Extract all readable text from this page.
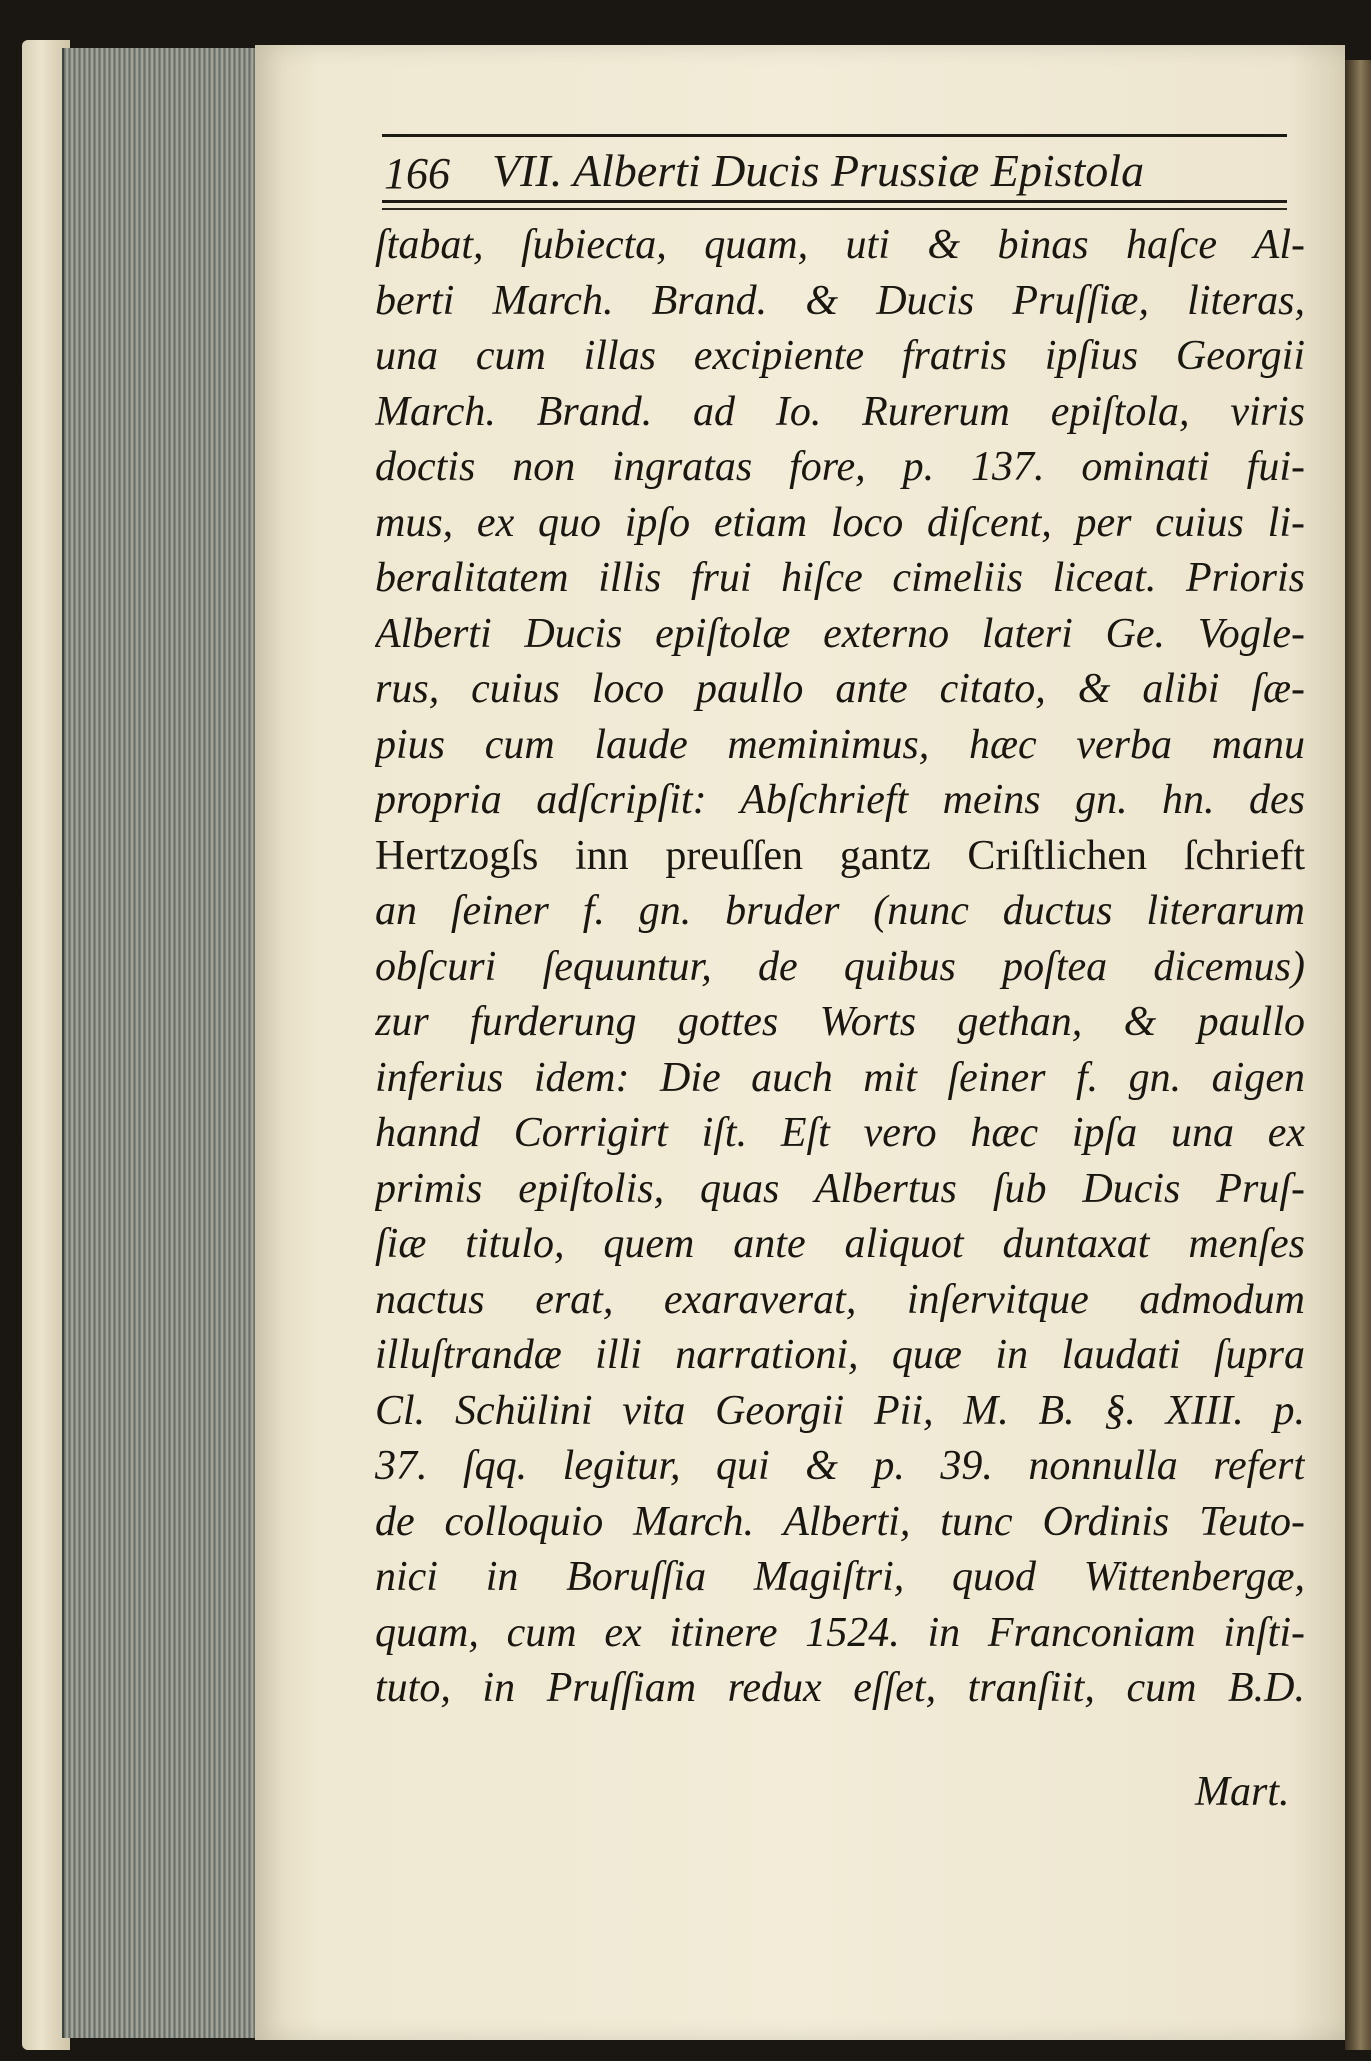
166 VII. Alberti Ducis Prussiæ Epistola
ſtabat, ſubiecta, quam, uti & binas haſce Al-
berti March. Brand. & Ducis Pruſſiæ, literas,
una cum illas excipiente fratris ipſius Georgii
March. Brand. ad Io. Rurerum epiſtola, viris
doctis non ingratas fore, p. 137. ominati fui-
mus, ex quo ipſo etiam loco diſcent, per cuius li-
beralitatem illis frui hiſce cimeliis liceat. Prioris
Alberti Ducis epiſtolæ externo lateri Ge. Vogle-
rus, cuius loco paullo ante citato, & alibi ſæ-
pius cum laude meminimus, hæc verba manu
propria adſcripſit: Abſchrieft meins gn. hn. des
Hertzogſs inn preuſſen gantz Criſtlichen ſchrieft
an ſeiner f. gn. bruder (nunc ductus literarum
obſcuri ſequuntur, de quibus poſtea dicemus)
zur furderung gottes Worts gethan, & paullo
inferius idem: Die auch mit ſeiner f. gn. aigen
hannd Corrigirt iſt. Eſt vero hæc ipſa una ex
primis epiſtolis, quas Albertus ſub Ducis Pruſ-
ſiæ titulo, quem ante aliquot duntaxat menſes
nactus erat, exaraverat, inſervitque admodum
illuſtrandæ illi narrationi, quæ in laudati ſupra
Cl. Schülini vita Georgii Pii, M. B. §. XIII. p.
37. ſqq. legitur, qui & p. 39. nonnulla refert
de colloquio March. Alberti, tunc Ordinis Teuto-
nici in Boruſſia Magiſtri, quod Wittenbergæ,
quam, cum ex itinere 1524. in Franconiam inſti-
tuto, in Pruſſiam redux eſſet, tranſiit, cum B.D.
Mart.
